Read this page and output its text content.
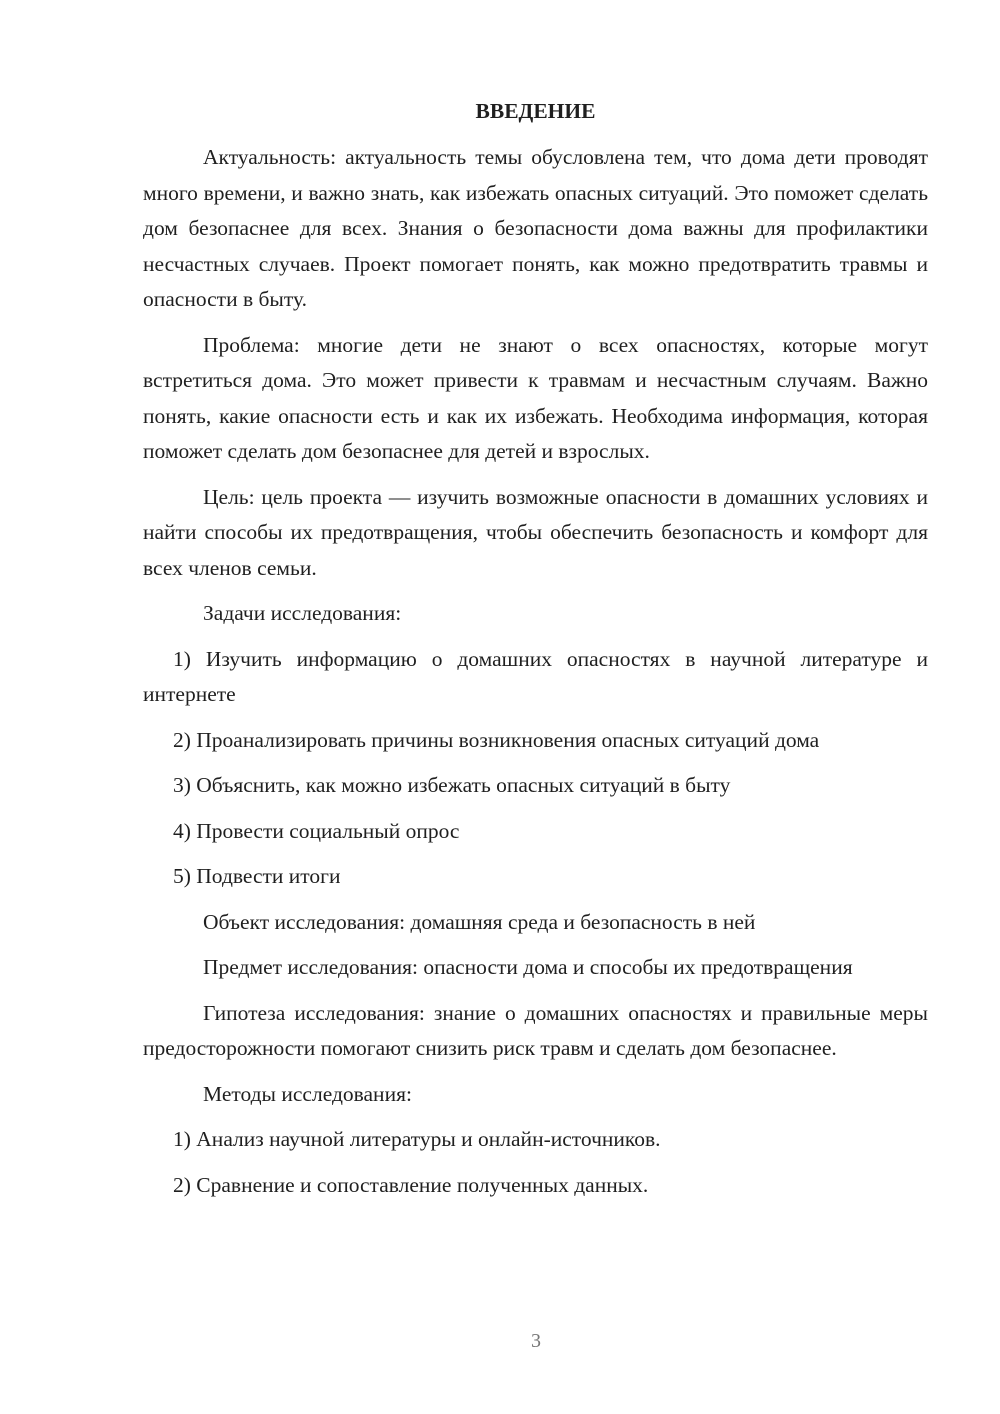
ВВЕДЕНИЕ

Актуальность: актуальность темы обусловлена тем, что дома дети проводят много времени, и важно знать, как избежать опасных ситуаций. Это поможет сделать дом безопаснее для всех. Знания о безопасности дома важны для профилактики несчастных случаев. Проект помогает понять, как можно предотвратить травмы и опасности в быту.

Проблема: многие дети не знают о всех опасностях, которые могут встретиться дома. Это может привести к травмам и несчастным случаям. Важно понять, какие опасности есть и как их избежать. Необходима информация, которая поможет сделать дом безопаснее для детей и взрослых.

Цель: цель проекта — изучить возможные опасности в домашних условиях и найти способы их предотвращения, чтобы обеспечить безопасность и комфорт для всех членов семьи.

Задачи исследования:

1) Изучить информацию о домашних опасностях в научной литературе и интернете

2) Проанализировать причины возникновения опасных ситуаций дома

3) Объяснить, как можно избежать опасных ситуаций в быту

4) Провести социальный опрос

5) Подвести итоги

Объект исследования: домашняя среда и безопасность в ней

Предмет исследования: опасности дома и способы их предотвращения

Гипотеза исследования: знание о домашних опасностях и правильные меры предосторожности помогают снизить риск травм и сделать дом безопаснее.

Методы исследования:

1) Анализ научной литературы и онлайн-источников.

2) Сравнение и сопоставление полученных данных.

3
